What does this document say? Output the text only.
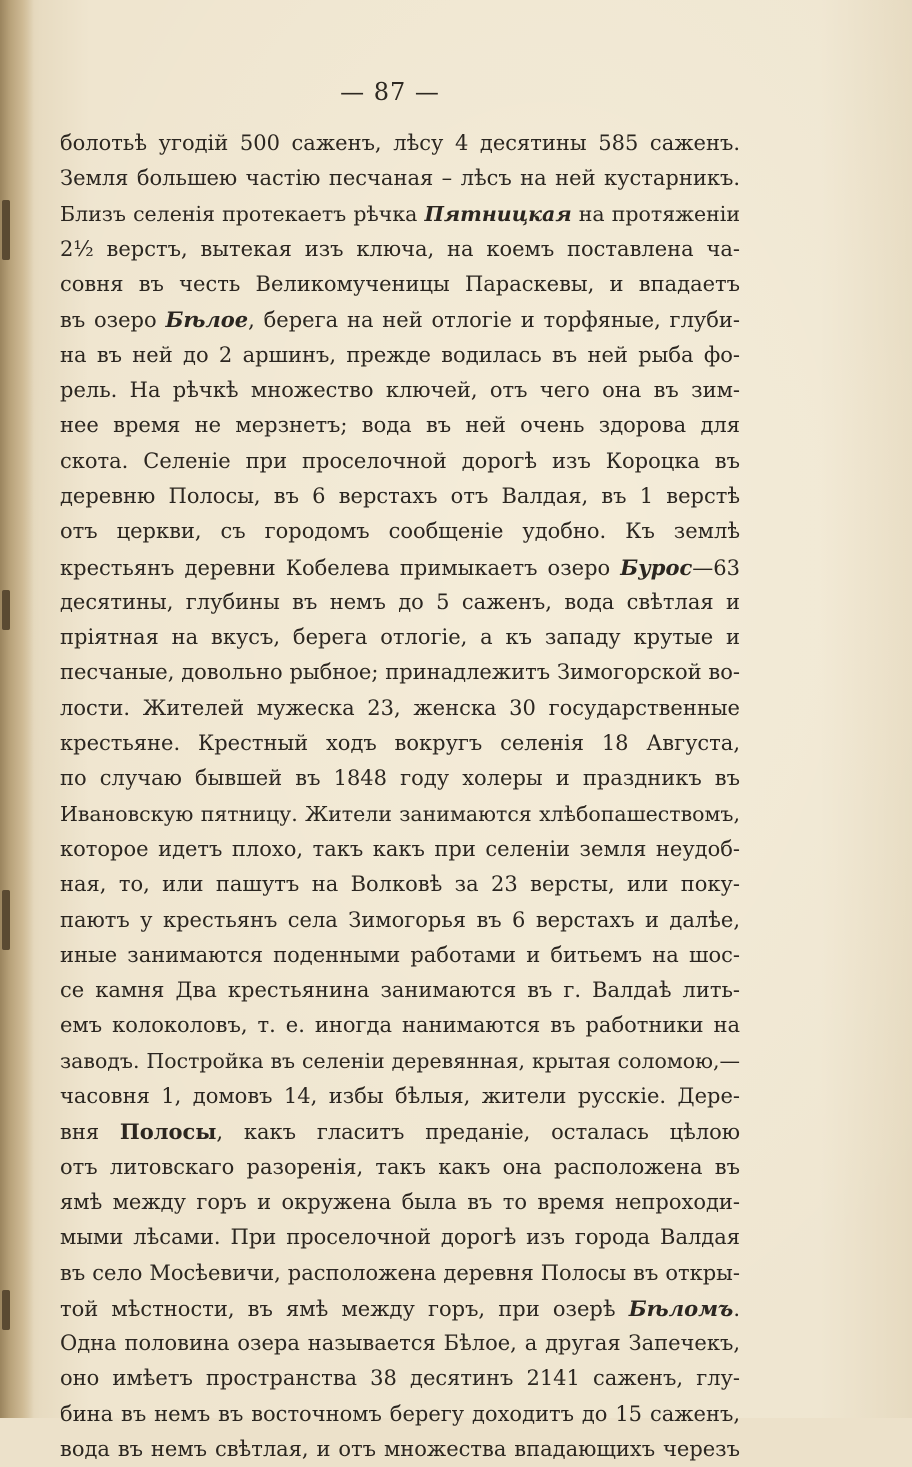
— 87 —
болотьѣ угодій 500 саженъ, лѣсу 4 десятины 585 саженъ.
Земля большею частію песчаная – лѣсъ на ней кустарникъ.
Близъ селенія протекаетъ рѣчка Пятницкая на протяженіи
2½ верстъ, вытекая изъ ключа, на коемъ поставлена ча-
совня въ честь Великомученицы Параскевы, и впадаетъ
въ озеро Бѣлое, берега на ней отлогіе и торфяные, глуби-
на въ ней до 2 аршинъ, прежде водилась въ ней рыба фо-
рель. На рѣчкѣ множество ключей, отъ чего она въ зим-
нее время не мерзнетъ; вода въ ней очень здорова для
скота. Селеніе при проселочной дорогѣ изъ Короцка въ
деревню Полосы, въ 6 верстахъ отъ Валдая, въ 1 верстѣ
отъ церкви, съ городомъ сообщеніе удобно. Къ землѣ
крестьянъ деревни Кобелева примыкаетъ озеро Бурос—63
десятины, глубины въ немъ до 5 саженъ, вода свѣтлая и
пріятная на вкусъ, берега отлогіе, а къ западу крутые и
песчаные, довольно рыбное; принадлежитъ Зимогорской во-
лости. Жителей мужеска 23, женска 30 государственные
крестьяне. Крестный ходъ вокругъ селенія 18 Августа,
по случаю бывшей въ 1848 году холеры и праздникъ въ
Ивановскую пятницу. Жители занимаются хлѣбопашествомъ,
которое идетъ плохо, такъ какъ при селеніи земля неудоб-
ная, то, или пашутъ на Волковѣ за 23 версты, или поку-
паютъ у крестьянъ села Зимогорья въ 6 верстахъ и далѣе,
иные занимаются поденными работами и битьемъ на шос-
се камня Два крестьянина занимаются въ г. Валдаѣ лить-
емъ колоколовъ, т. е. иногда нанимаются въ работники на
заводъ. Постройка въ селеніи деревянная, крытая соломою,—
часовня 1, домовъ 14, избы бѣлыя, жители русскіе. Дере-
вня Полосы, какъ гласитъ преданіе, осталась цѣлою
отъ литовскаго разоренія, такъ какъ она расположена въ
ямѣ между горъ и окружена была въ то время непроходи-
мыми лѣсами. При проселочной дорогѣ изъ города Валдая
въ село Мосѣевичи, расположена деревня Полосы въ откры-
той мѣстности, въ ямѣ между горъ, при озерѣ Бѣломъ.
Одна половина озера называется Бѣлое, а другая Запечекъ,
оно имѣетъ пространства 38 десятинъ 2141 саженъ, глу-
бина въ немъ въ восточномъ берегу доходитъ до 15 саженъ,
вода въ немъ свѣтлая, и отъ множества впадающихъ черезъ
